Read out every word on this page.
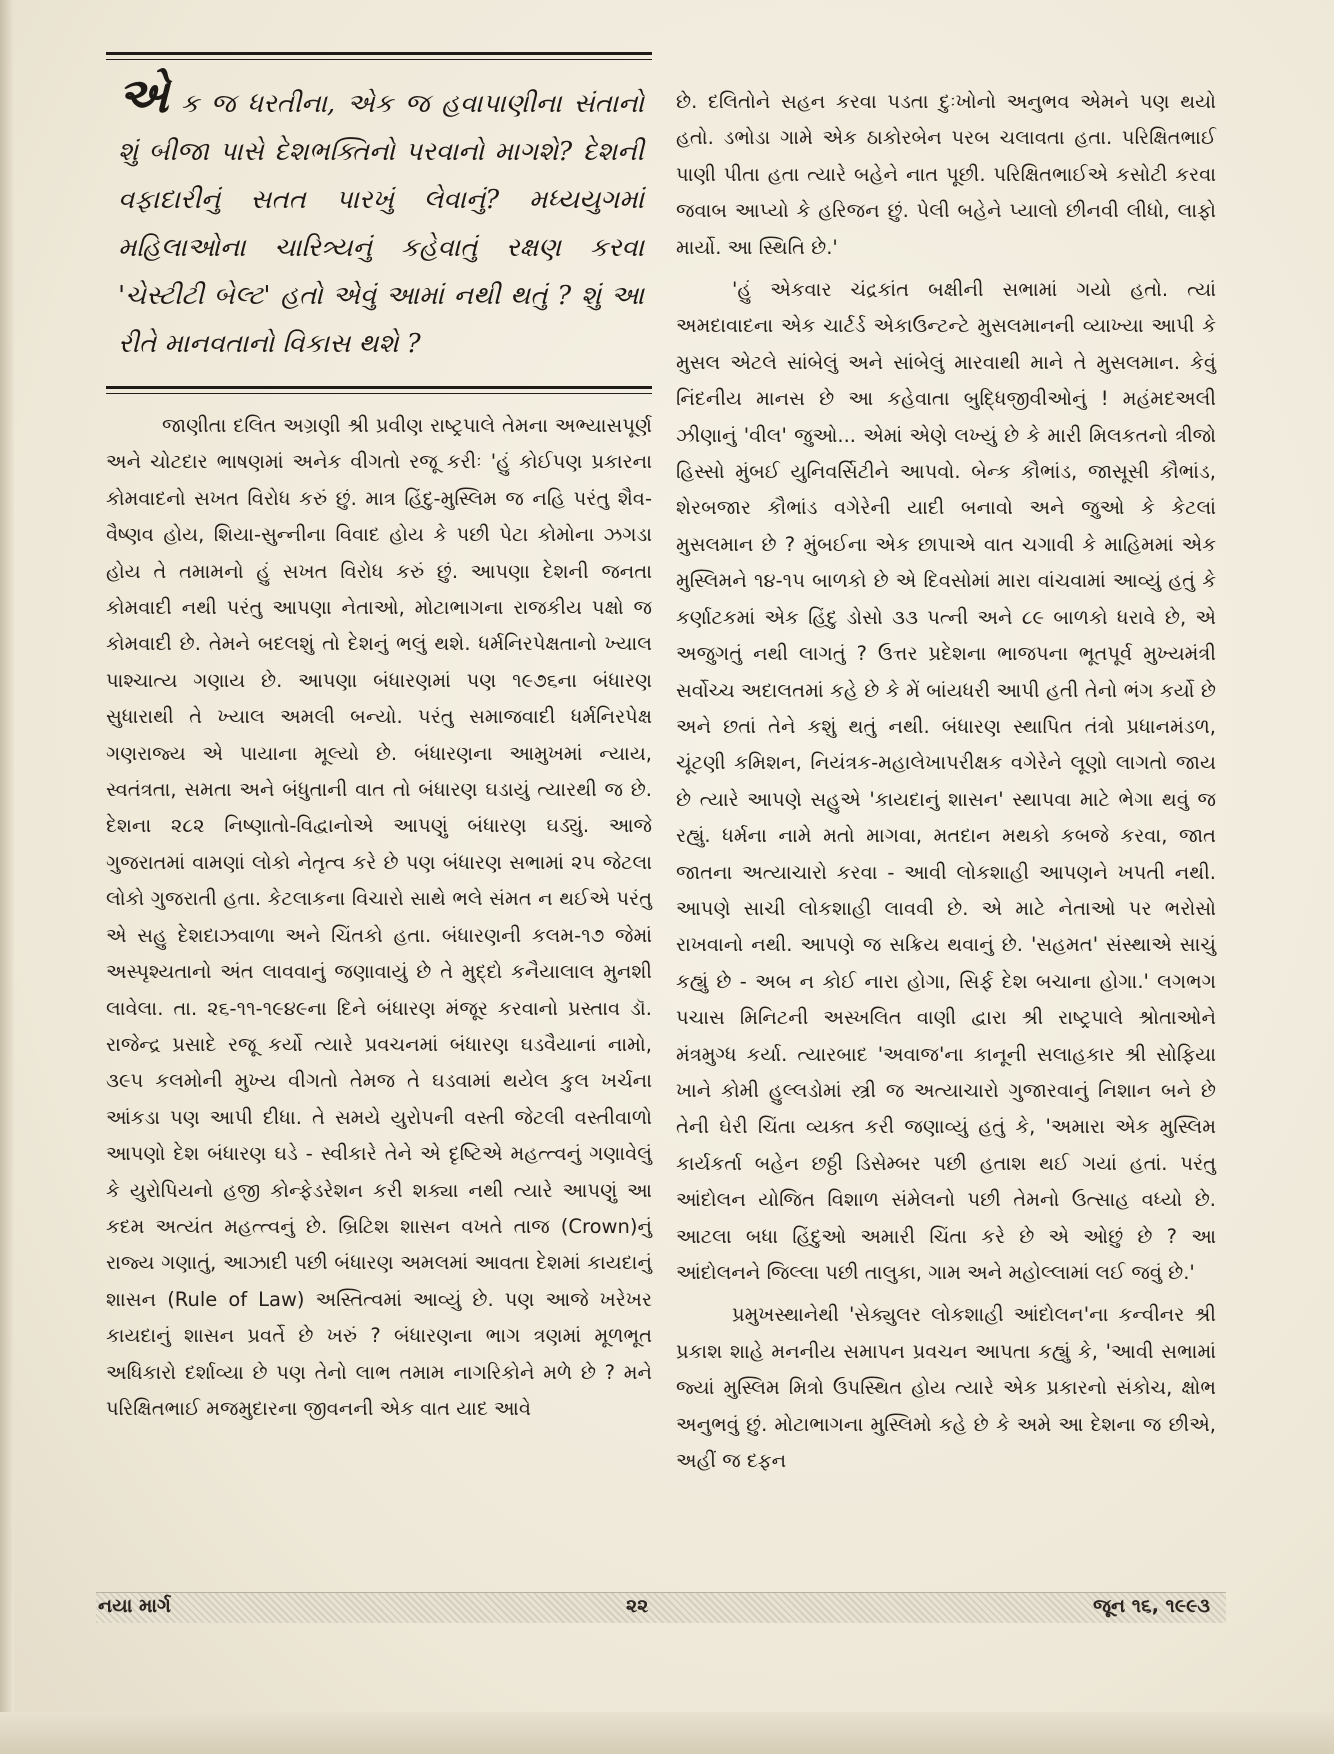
એ ક જ ધરતીના, એક જ હવાપાણીના સંતાનો શું બીજા પાસે દેશભક્તિનો પરવાનો માગશે? દેશની વફાદારીનું સતત પારખું લેવાનું? મધ્યયુગમાં મહિલાઓના ચારિત્ર્યનું કહેવાતું રક્ષણ કરવા 'ચેસ્ટીટી બેલ્ટ' હતો એવું આમાં નથી થતું ? શું આ રીતે માનવતાનો વિકાસ થશે ?

જાણીતા દલિત અગ્રણી શ્રી પ્રવીણ રાષ્ટ્રપાલે તેમના અભ્યાસપૂર્ણ અને ચોટદાર ભાષણમાં અનેક વીગતો રજૂ કરીઃ 'હું કોઈપણ પ્રકારના કોમવાદનો સખત વિરોધ કરું છું. માત્ર હિંદુ-મુસ્લિમ જ નહિ પરંતુ શૈવ-વૈષ્ણવ હોય, શિયા-સુન્નીના વિવાદ હોય કે પછી પેટા કોમોના ઝગડા હોય તે તમામનો હું સખત વિરોધ કરું છું. આપણા દેશની જનતા કોમવાદી નથી પરંતુ આપણા નેતાઓ, મોટાભાગના રાજકીય પક્ષો જ કોમવાદી છે. તેમને બદલશું તો દેશનું ભલું થશે. ધર્મનિરપેક્ષતાનો ખ્યાલ પાશ્ચાત્ય ગણાય છે. આપણા બંધારણમાં પણ ૧૯૭૬ના બંધારણ સુધારાથી તે ખ્યાલ અમલી બન્યો. પરંતુ સમાજવાદી ધર્મનિરપેક્ષ ગણરાજ્ય એ પાયાના મૂલ્યો છે. બંધારણના આમુખમાં ન્યાય, સ્વતંત્રતા, સમતા અને બંધુતાની વાત તો બંધારણ ઘડાયું ત્યારથી જ છે. દેશના ૨૮૨ નિષ્ણાતો-વિદ્વાનોએ આપણું બંધારણ ઘડ્યું. આજે ગુજરાતમાં વામણાં લોકો નેતૃત્વ કરે છે પણ બંધારણ સભામાં ૨૫ જેટલા લોકો ગુજરાતી હતા. કેટલાકના વિચારો સાથે ભલે સંમત ન થઈએ પરંતુ એ સહુ દેશદાઝવાળા અને ચિંતકો હતા. બંધારણની કલમ-૧૭ જેમાં અસ્પૃશ્યતાનો અંત લાવવાનું જણાવાયું છે તે મુદ્દો કનૈયાલાલ મુનશી લાવેલા. તા. ૨૬-૧૧-૧૯૪૯ના દિને બંધારણ મંજૂર કરવાનો પ્રસ્તાવ ડૉ. રાજેન્દ્ર પ્રસાદે રજૂ કર્યો ત્યારે પ્રવચનમાં બંધારણ ઘડવૈયાનાં નામો, ૩૯૫ કલમોની મુખ્ય વીગતો તેમજ તે ઘડવામાં થયેલ કુલ ખર્ચના આંકડા પણ આપી દીધા. તે સમયે યુરોપની વસ્તી જેટલી વસ્તીવાળો આપણો દેશ બંધારણ ઘડે - સ્વીકારે તેને એ દૃષ્ટિએ મહત્ત્વનું ગણાવેલું કે યુરોપિયનો હજી કોન્ફેડરેશન કરી શક્યા નથી ત્યારે આપણું આ કદમ અત્યંત મહત્ત્વનું છે. બ્રિટિશ શાસન વખતે તાજ (Crown)નું રાજ્ય ગણાતું, આઝાદી પછી બંધારણ અમલમાં આવતા દેશમાં કાયદાનું શાસન (Rule of Law) અસ્તિત્વમાં આવ્યું છે. પણ આજે ખરેખર કાયદાનું શાસન પ્રવર્તે છે ખરું ? બંધારણના ભાગ ત્રણમાં મૂળભૂત અધિકારો દર્શાવ્યા છે પણ તેનો લાભ તમામ નાગરિકોને મળે છે ? મને પરિક્ષિતભાઈ મજમુદારના જીવનની એક વાત યાદ આવે

છે. દલિતોને સહન કરવા પડતા દુઃખોનો અનુભવ એમને પણ થયો હતો. ડભોડા ગામે એક ઠાકોરબેન પરબ ચલાવતા હતા. પરિક્ષિતભાઈ પાણી પીતા હતા ત્યારે બહેને નાત પૂછી. પરિક્ષિતભાઈએ કસોટી કરવા જવાબ આપ્યો કે હરિજન છું. પેલી બહેને પ્યાલો છીનવી લીધો, લાફો માર્યો. આ સ્થિતિ છે.'

'હું એકવાર ચંદ્રકાંત બક્ષીની સભામાં ગયો હતો. ત્યાં અમદાવાદના એક ચાર્ટર્ડ એકાઉન્ટન્ટે મુસલમાનની વ્યાખ્યા આપી કે મુસલ એટલે સાંબેલું અને સાંબેલું મારવાથી માને તે મુસલમાન. કેવું નિંદનીય માનસ છે આ કહેવાતા બુદ્ધિજીવીઓનું ! મહંમદઅલી ઝીણાનું 'વીલ' જુઓ... એમાં એણે લખ્યું છે કે મારી મિલકતનો ત્રીજો હિસ્સો મુંબઈ યુનિવર્સિટીને આપવો. બેન્ક કૌભાંડ, જાસૂસી કૌભાંડ, શેરબજાર કૌભાંડ વગેરેની યાદી બનાવો અને જુઓ કે કેટલાં મુસલમાન છે ? મુંબઈના એક છાપાએ વાત ચગાવી કે માહિમમાં એક મુસ્લિમને ૧૪-૧૫ બાળકો છે એ દિવસોમાં મારા વાંચવામાં આવ્યું હતું કે કર્ણાટકમાં એક હિંદુ ડોસો ૩૩ પત્ની અને ૮૯ બાળકો ધરાવે છે, એ અજુગતું નથી લાગતું ? ઉત્તર પ્રદેશના ભાજપના ભૂતપૂર્વ મુખ્યમંત્રી સર્વોચ્ચ અદાલતમાં કહે છે કે મેં બાંયધરી આપી હતી તેનો ભંગ કર્યો છે અને છતાં તેને કશું થતું નથી. બંધારણ સ્થાપિત તંત્રો પ્રધાનમંડળ, ચૂંટણી કમિશન, નિયંત્રક-મહાલેખાપરીક્ષક વગેરેને લૂણો લાગતો જાય છે ત્યારે આપણે સહુએ 'કાયદાનું શાસન' સ્થાપવા માટે ભેગા થવું જ રહ્યું. ધર્મના નામે મતો માગવા, મતદાન મથકો કબજે કરવા, જાત જાતના અત્યાચારો કરવા - આવી લોકશાહી આપણને ખપતી નથી. આપણે સાચી લોકશાહી લાવવી છે. એ માટે નેતાઓ પર ભરોસો રાખવાનો નથી. આપણે જ સક્રિય થવાનું છે. 'સહમત' સંસ્થાએ સાચું કહ્યું છે - અબ ન કોઈ નારા હોગા, સિર્ફ દેશ બચાના હોગા.' લગભગ પચાસ મિનિટની અસ્ખલિત વાણી દ્વારા શ્રી રાષ્ટ્રપાલે શ્રોતાઓને મંત્રમુગ્ધ કર્યા. ત્યારબાદ 'અવાજ'ના કાનૂની સલાહકાર શ્રી સોફિયા ખાને કોમી હુલ્લડોમાં સ્ત્રી જ અત્યાચારો ગુજારવાનું નિશાન બને છે તેની ઘેરી ચિંતા વ્યક્ત કરી જણાવ્યું હતું કે, 'અમારા એક મુસ્લિમ કાર્યકર્તા બહેન છઠ્ઠી ડિસેમ્બર પછી હતાશ થઈ ગયાં હતાં. પરંતુ આંદોલન યોજિત વિશાળ સંમેલનો પછી તેમનો ઉત્સાહ વધ્યો છે. આટલા બધા હિંદુઓ અમારી ચિંતા કરે છે એ ઓછું છે ? આ આંદોલનને જિલ્લા પછી તાલુકા, ગામ અને મહોલ્લામાં લઈ જવું છે.'

પ્રમુખસ્થાનેથી 'સેક્યુલર લોકશાહી આંદોલન'ના કન્વીનર શ્રી પ્રકાશ શાહે મનનીય સમાપન પ્રવચન આપતા કહ્યું કે, 'આવી સભામાં જ્યાં મુસ્લિમ મિત્રો ઉપસ્થિત હોય ત્યારે એક પ્રકારનો સંકોચ, ક્ષોભ અનુભવું છું. મોટાભાગના મુસ્લિમો કહે છે કે અમે આ દેશના જ છીએ, અહીં જ દફન

નયા માર્ગ	૨૨	જૂન ૧૬, ૧૯૯૩
